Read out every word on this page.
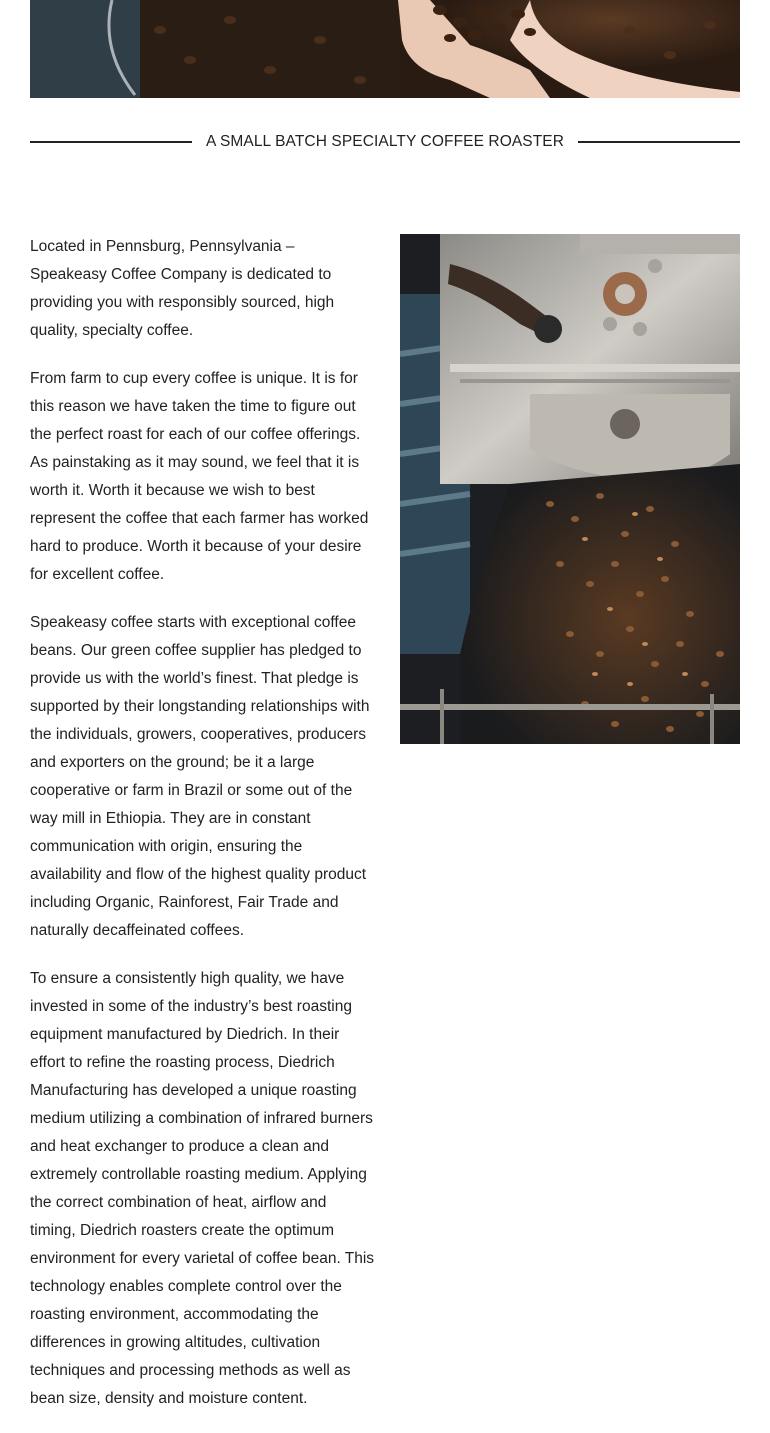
A SMALL BATCH SPECIALTY COFFEE ROASTER

Located in Pennsburg, Pennsylvania – Speakeasy Coffee Company is dedicated to providing you with responsibly sourced, high quality, specialty coffee.

From farm to cup every coffee is unique. It is for this reason we have taken the time to figure out the perfect roast for each of our coffee offerings. As painstaking as it may sound, we feel that it is worth it. Worth it because we wish to best represent the coffee that each farmer has worked hard to produce. Worth it because of your desire for excellent coffee.

Speakeasy coffee starts with exceptional coffee beans. Our green coffee supplier has pledged to provide us with the world’s finest. That pledge is supported by their longstanding relationships with the individuals, growers, cooperatives, producers and exporters on the ground; be it a large cooperative or farm in Brazil or some out of the way mill in Ethiopia. They are in constant communication with origin, ensuring the availability and flow of the highest quality product including Organic, Rainforest, Fair Trade and naturally decaffeinated coffees.

To ensure a consistently high quality, we have invested in some of the industry’s best roasting equipment manufactured by Diedrich. In their effort to refine the roasting process, Diedrich Manufacturing has developed a unique roasting medium utilizing a combination of infrared burners and heat exchanger to produce a clean and extremely controllable roasting medium. Applying the correct combination of heat, airflow and timing, Diedrich roasters create the optimum environment for every varietal of coffee bean. This technology enables complete control over the roasting environment, accommodating the differences in growing altitudes, cultivation techniques and processing methods as well as bean size, density and moisture content.
